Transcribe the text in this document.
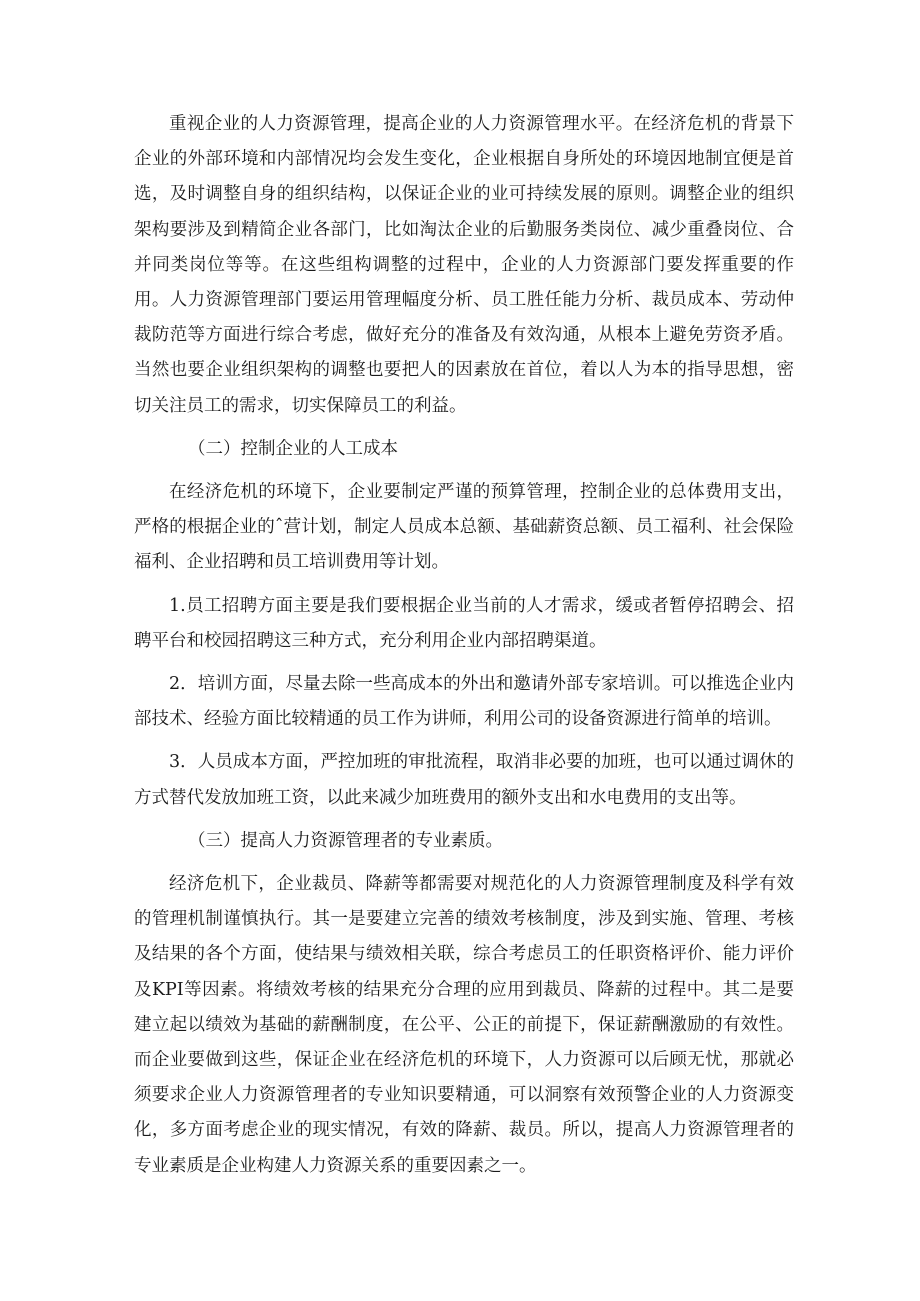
重视企业的人力资源管理，提高企业的人力资源管理水平。在经济危机的背景下企业的外部环境和内部情况均会发生变化，企业根据自身所处的环境因地制宜便是首选，及时调整自身的组织结构，以保证企业的业可持续发展的原则。调整企业的组织架构要涉及到精简企业各部门，比如淘汰企业的后勤服务类岗位、减少重叠岗位、合并同类岗位等等。在这些组构调整的过程中，企业的人力资源部门要发挥重要的作用。人力资源管理部门要运用管理幅度分析、员工胜任能力分析、裁员成本、劳动仲裁防范等方面进行综合考虑，做好充分的准备及有效沟通，从根本上避免劳资矛盾。当然也要企业组织架构的调整也要把人的因素放在首位，着以人为本的指导思想，密切关注员工的需求，切实保障员工的利益。

（二）控制企业的人工成本

在经济危机的环境下，企业要制定严谨的预算管理，控制企业的总体费用支出，严格的根据企业的ˆ营计划，制定人员成本总额、基础薪资总额、员工福利、社会保险福利、企业招聘和员工培训费用等计划。

1.员工招聘方面主要是我们要根据企业当前的人才需求，缓或者暂停招聘会、招聘平台和校园招聘这三种方式，充分利用企业内部招聘渠道。

2．培训方面，尽量去除一些高成本的外出和邀请外部专家培训。可以推选企业内部技术、经验方面比较精通的员工作为讲师，利用公司的设备资源进行简单的培训。

3．人员成本方面，严控加班的审批流程，取消非必要的加班，也可以通过调休的方式替代发放加班工资，以此来减少加班费用的额外支出和水电费用的支出等。

（三）提高人力资源管理者的专业素质。

经济危机下，企业裁员、降薪等都需要对规范化的人力资源管理制度及科学有效的管理机制谨慎执行。其一是要建立完善的绩效考核制度，涉及到实施、管理、考核及结果的各个方面，使结果与绩效相关联，综合考虑员工的任职资格评价、能力评价及KPI等因素。将绩效考核的结果充分合理的应用到裁员、降薪的过程中。其二是要建立起以绩效为基础的薪酬制度，在公平、公正的前提下，保证薪酬激励的有效性。而企业要做到这些，保证企业在经济危机的环境下，人力资源可以后顾无忧，那就必须要求企业人力资源管理者的专业知识要精通，可以洞察有效预警企业的人力资源变化，多方面考虑企业的现实情况，有效的降薪、裁员。所以，提高人力资源管理者的专业素质是企业构建人力资源关系的重要因素之一。
